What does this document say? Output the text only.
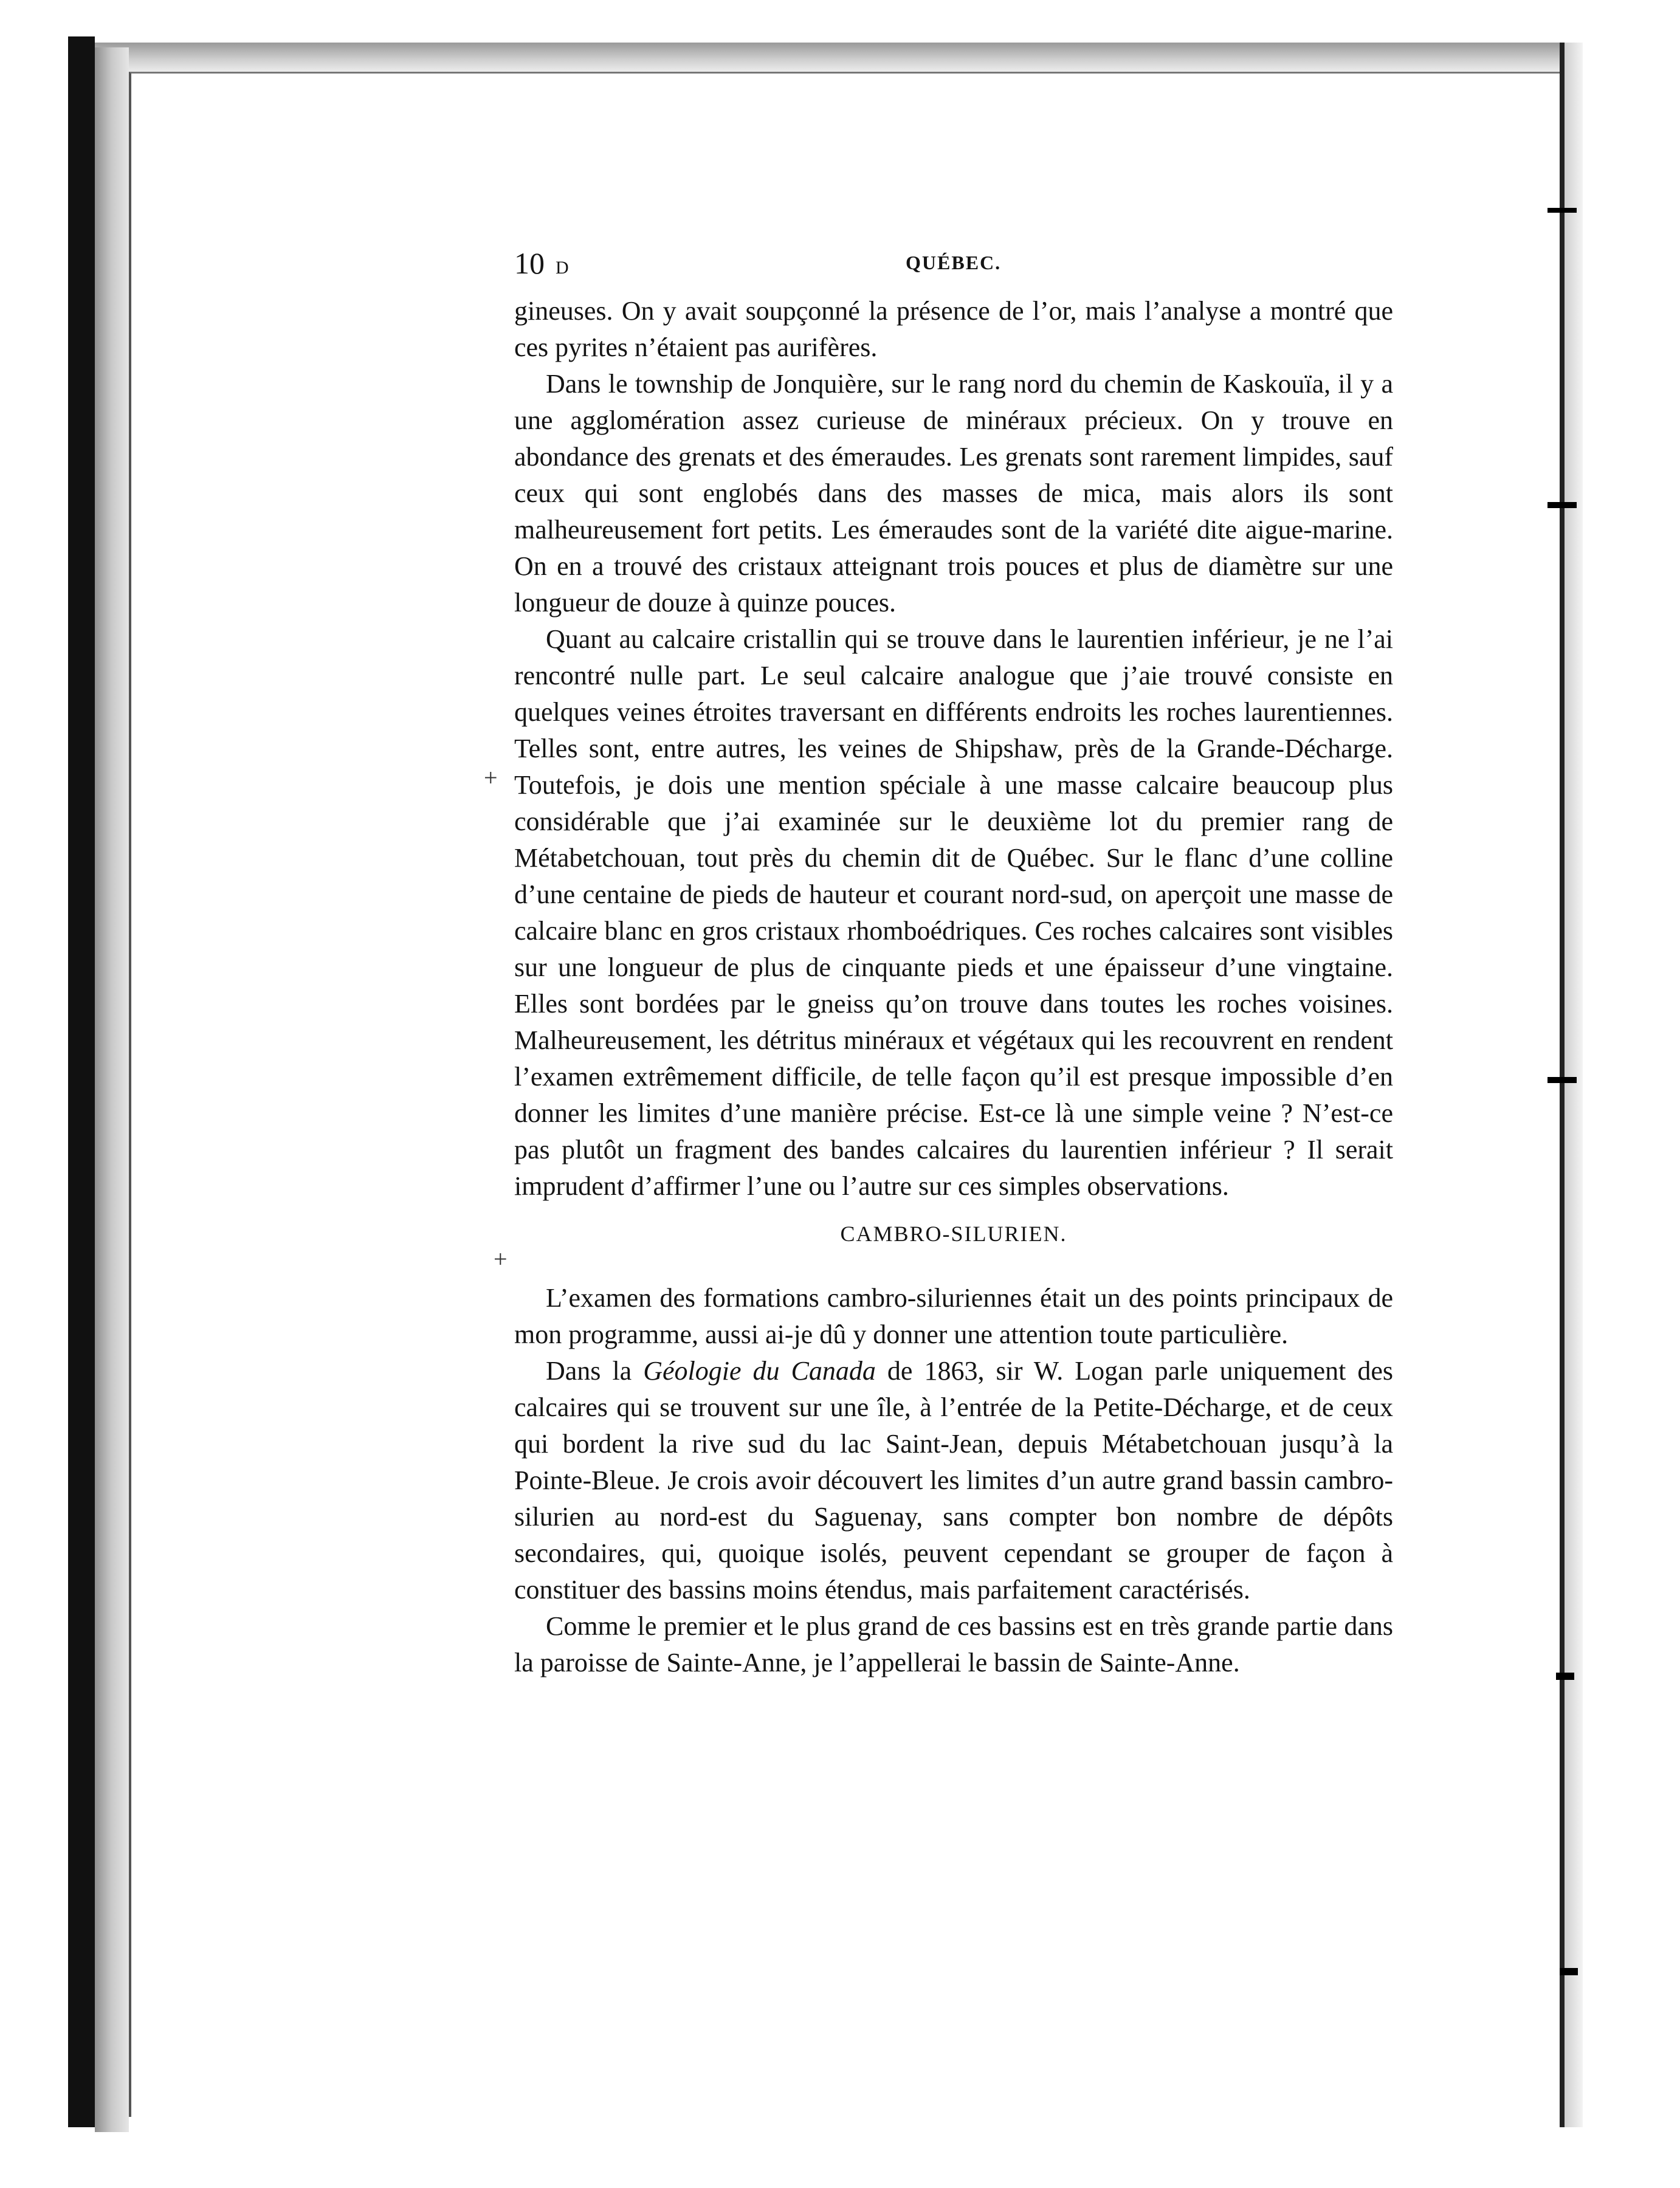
10 D	QUÉBEC.
+
+

gineuses. On y avait soupçonné la présence de l’or, mais l’analyse a montré que ces pyrites n’étaient pas aurifères.

Dans le township de Jonquière, sur le rang nord du chemin de Kaskouïa, il y a une agglomération assez curieuse de minéraux précieux. On y trouve en abondance des grenats et des émeraudes. Les grenats sont rarement limpides, sauf ceux qui sont englobés dans des masses de mica, mais alors ils sont malheureusement fort petits. Les émeraudes sont de la variété dite aigue-marine. On en a trouvé des cristaux atteignant trois pouces et plus de diamètre sur une longueur de douze à quinze pouces.

Quant au calcaire cristallin qui se trouve dans le laurentien inférieur, je ne l’ai rencontré nulle part. Le seul calcaire analogue que j’aie trouvé consiste en quelques veines étroites traversant en différents endroits les roches laurentiennes. Telles sont, entre autres, les veines de Shipshaw, près de la Grande-Décharge. Toutefois, je dois une mention spéciale à une masse calcaire beaucoup plus considérable que j’ai examinée sur le deuxième lot du premier rang de Métabetchouan, tout près du chemin dit de Québec. Sur le flanc d’une colline d’une centaine de pieds de hauteur et courant nord-sud, on aperçoit une masse de calcaire blanc en gros cristaux rhomboédriques. Ces roches calcaires sont visibles sur une longueur de plus de cinquante pieds et une épaisseur d’une vingtaine. Elles sont bordées par le gneiss qu’on trouve dans toutes les roches voisines. Malheureusement, les détritus minéraux et végétaux qui les recouvrent en rendent l’examen extrêmement difficile, de telle façon qu’il est presque impossible d’en donner les limites d’une manière précise. Est-ce là une simple veine ? N’est-ce pas plutôt un fragment des bandes calcaires du laurentien inférieur ? Il serait imprudent d’affirmer l’une ou l’autre sur ces simples observations.

CAMBRO-SILURIEN.

L’examen des formations cambro-siluriennes était un des points principaux de mon programme, aussi ai-je dû y donner une attention toute particulière.

Dans la Géologie du Canada de 1863, sir W. Logan parle uniquement des calcaires qui se trouvent sur une île, à l’entrée de la Petite-Décharge, et de ceux qui bordent la rive sud du lac Saint-Jean, depuis Métabetchouan jusqu’à la Pointe-Bleue. Je crois avoir découvert les limites d’un autre grand bassin cambro-silurien au nord-est du Saguenay, sans compter bon nombre de dépôts secondaires, qui, quoique isolés, peuvent cependant se grouper de façon à constituer des bassins moins étendus, mais parfaitement caractérisés.

Comme le premier et le plus grand de ces bassins est en très grande partie dans la paroisse de Sainte-Anne, je l’appellerai le bassin de Sainte-Anne.
